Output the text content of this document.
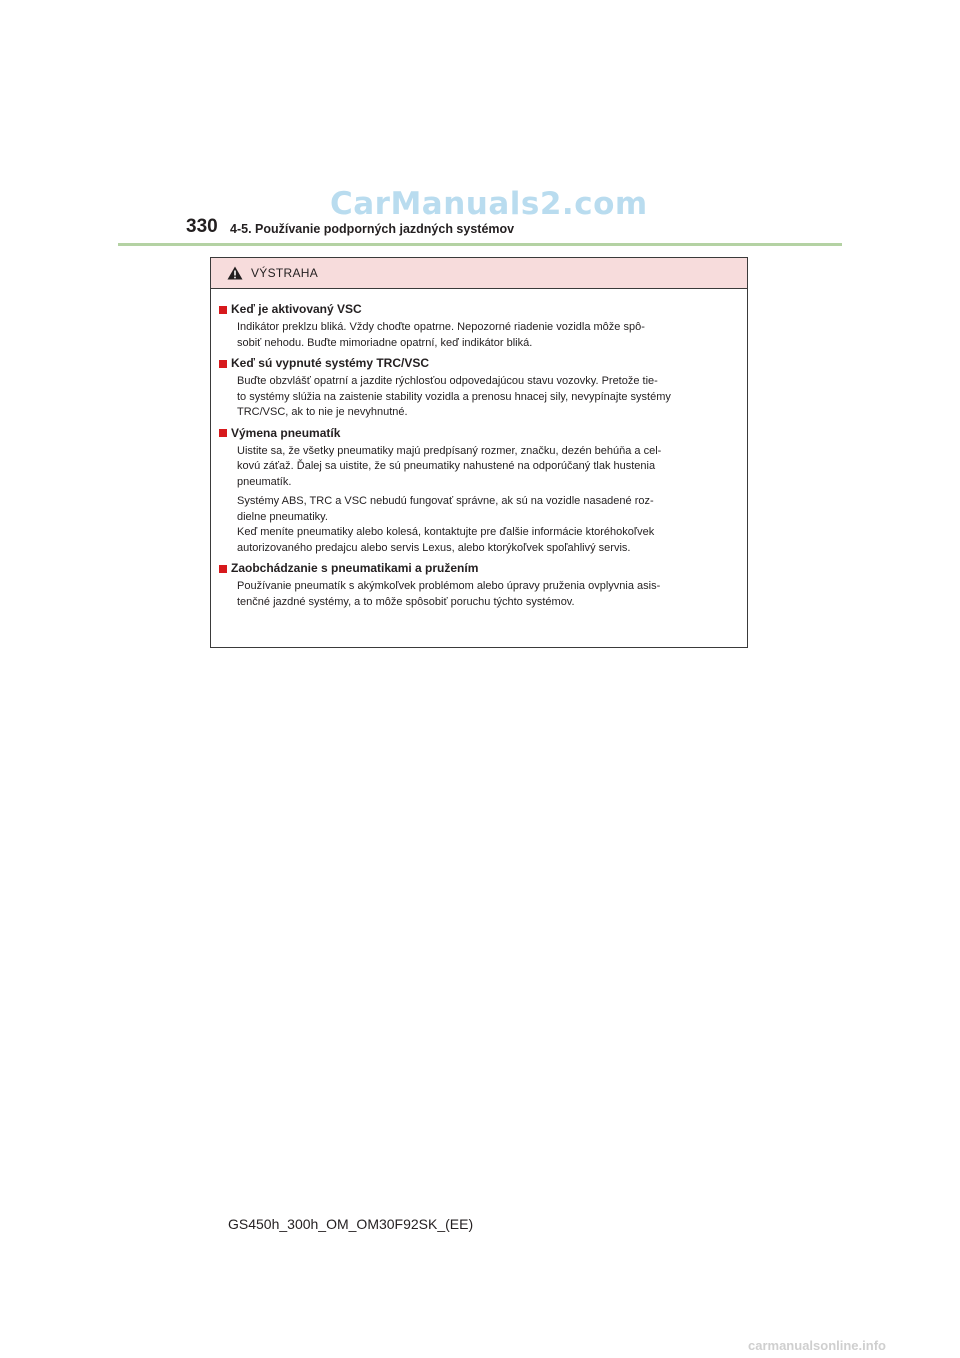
CarManuals2.com
330 4-5. Používanie podporných jazdných systémov
VÝSTRAHA
Keď je aktivovaný VSC
Indikátor preklzu bliká. Vždy choďte opatrne. Nepozorné riadenie vozidla môže spô-
sobiť nehodu. Buďte mimoriadne opatrní, keď indikátor bliká.
Keď sú vypnuté systémy TRC/VSC
Buďte obzvlášť opatrní a jazdite rýchlosťou odpovedajúcou stavu vozovky. Pretože tie-
to systémy slúžia na zaistenie stability vozidla a prenosu hnacej sily, nevypínajte systémy
TRC/VSC, ak to nie je nevyhnutné.
Výmena pneumatík
Uistite sa, že všetky pneumatiky majú predpísaný rozmer, značku, dezén behúňa a cel-
kovú záťaž. Ďalej sa uistite, že sú pneumatiky nahustené na odporúčaný tlak hustenia
pneumatík.
Systémy ABS, TRC a VSC nebudú fungovať správne, ak sú na vozidle nasadené roz-
dielne pneumatiky.
Keď meníte pneumatiky alebo kolesá, kontaktujte pre ďalšie informácie ktoréhokoľvek
autorizovaného predajcu alebo servis Lexus, alebo ktorýkoľvek spoľahlivý servis.
Zaobchádzanie s pneumatikami a pružením
Používanie pneumatík s akýmkoľvek problémom alebo úpravy pruženia ovplyvnia asis-
tenčné jazdné systémy, a to môže spôsobiť poruchu týchto systémov.
GS450h_300h_OM_OM30F92SK_(EE)
carmanualsonline.info
